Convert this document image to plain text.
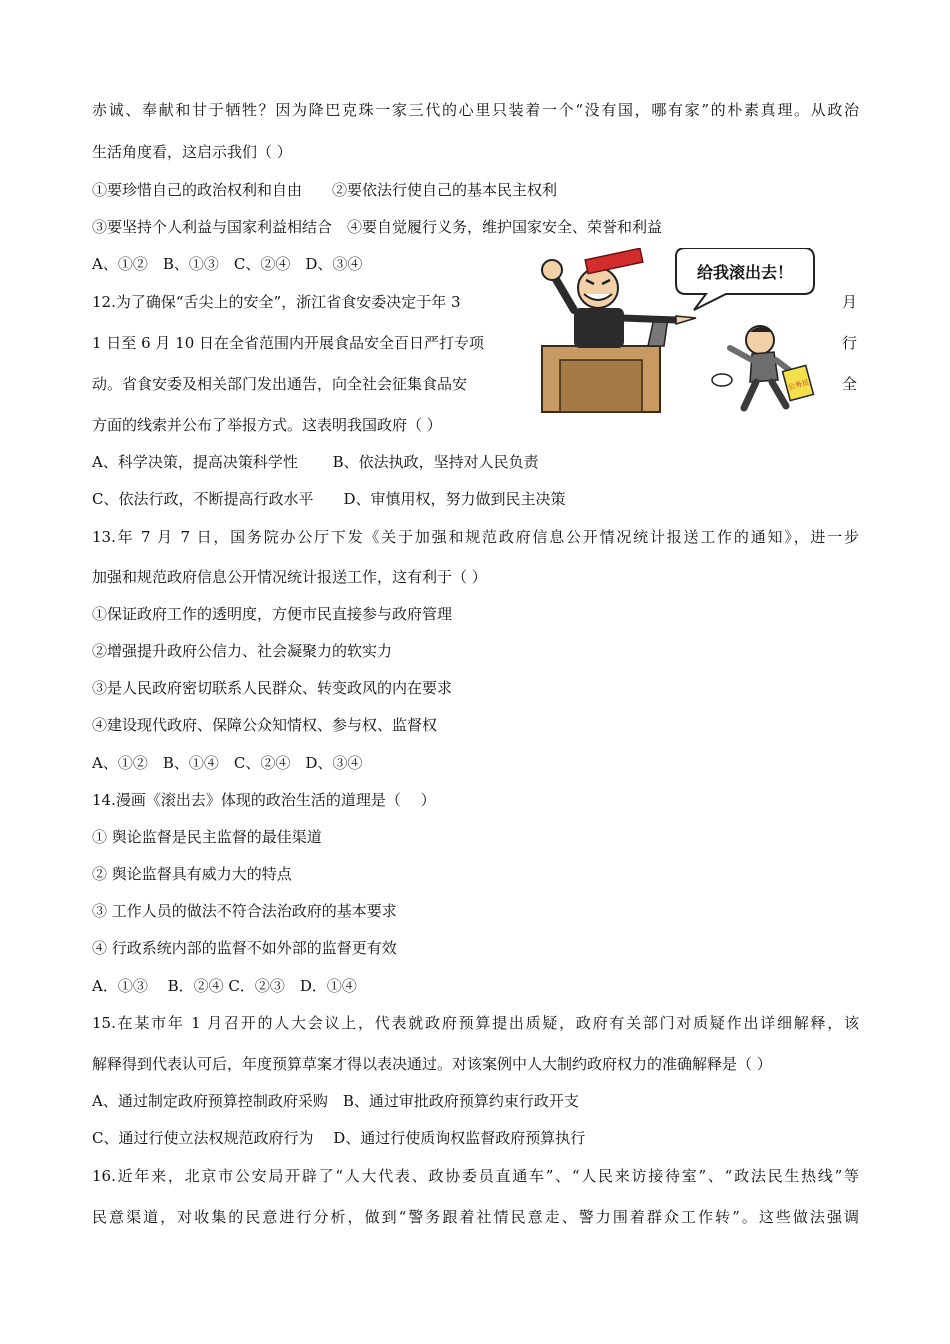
赤诚、奉献和甘于牺牲？因为降巴克珠一家三代的心里只装着一个“没有国，哪有家”的朴素真理。从政治
生活角度看，这启示我们（ ）
①要珍惜自己的政治权利和自由　　②要依法行使自己的基本民主权利
③要坚持个人利益与国家利益相结合　④要自觉履行义务，维护国家安全、荣誉和利益
A、①②　B、①③　C、②④　D、③④
12.为了确保“舌尖上的安全”，浙江省食安委决定于年 3	月
1 日至 6 月 10 日在全省范围内开展食品安全百日严打专项	行
动。省食安委及相关部门发出通告，向全社会征集食品安	全
方面的线索并公布了举报方式。这表明我国政府（ ）
A、科学决策，提高决策科学性　　 B、依法执政，坚持对人民负责
C、依法行政，不断提高行政水平　　D、审慎用权，努力做到民主决策
给我滚出去！
公务员
13.年 7 月 7 日，国务院办公厅下发《关于加强和规范政府信息公开情况统计报送工作的通知》，进一步
加强和规范政府信息公开情况统计报送工作，这有利于（ ）
①保证政府工作的透明度，方便市民直接参与政府管理
②增强提升政府公信力、社会凝聚力的软实力
③是人民政府密切联系人民群众、转变政风的内在要求
④建设现代政府、保障公众知情权、参与权、监督权
A、①②　B、①④　C、②④　D、③④
14.漫画《滚出去》体现的政治生活的道理是（　 ）
① 舆论监督是民主监督的最佳渠道
② 舆论监督具有威力大的特点
③ 工作人员的做法不符合法治政府的基本要求
④ 行政系统内部的监督不如外部的监督更有效
A．①③　 B．②④ C．②③　D．①④
15.在某市年 1 月召开的人大会议上，代表就政府预算提出质疑，政府有关部门对质疑作出详细解释，该
解释得到代表认可后，年度预算草案才得以表决通过。对该案例中人大制约政府权力的准确解释是（ ）
A、通过制定政府预算控制政府采购　B、通过审批政府预算约束行政开支
C、通过行使立法权规范政府行为　 D、通过行使质询权监督政府预算执行
16.近年来，北京市公安局开辟了“人大代表、政协委员直通车”、“人民来访接待室”、“政法民生热线”等
民意渠道，对收集的民意进行分析，做到“警务跟着社情民意走、警力围着群众工作转”。这些做法强调
